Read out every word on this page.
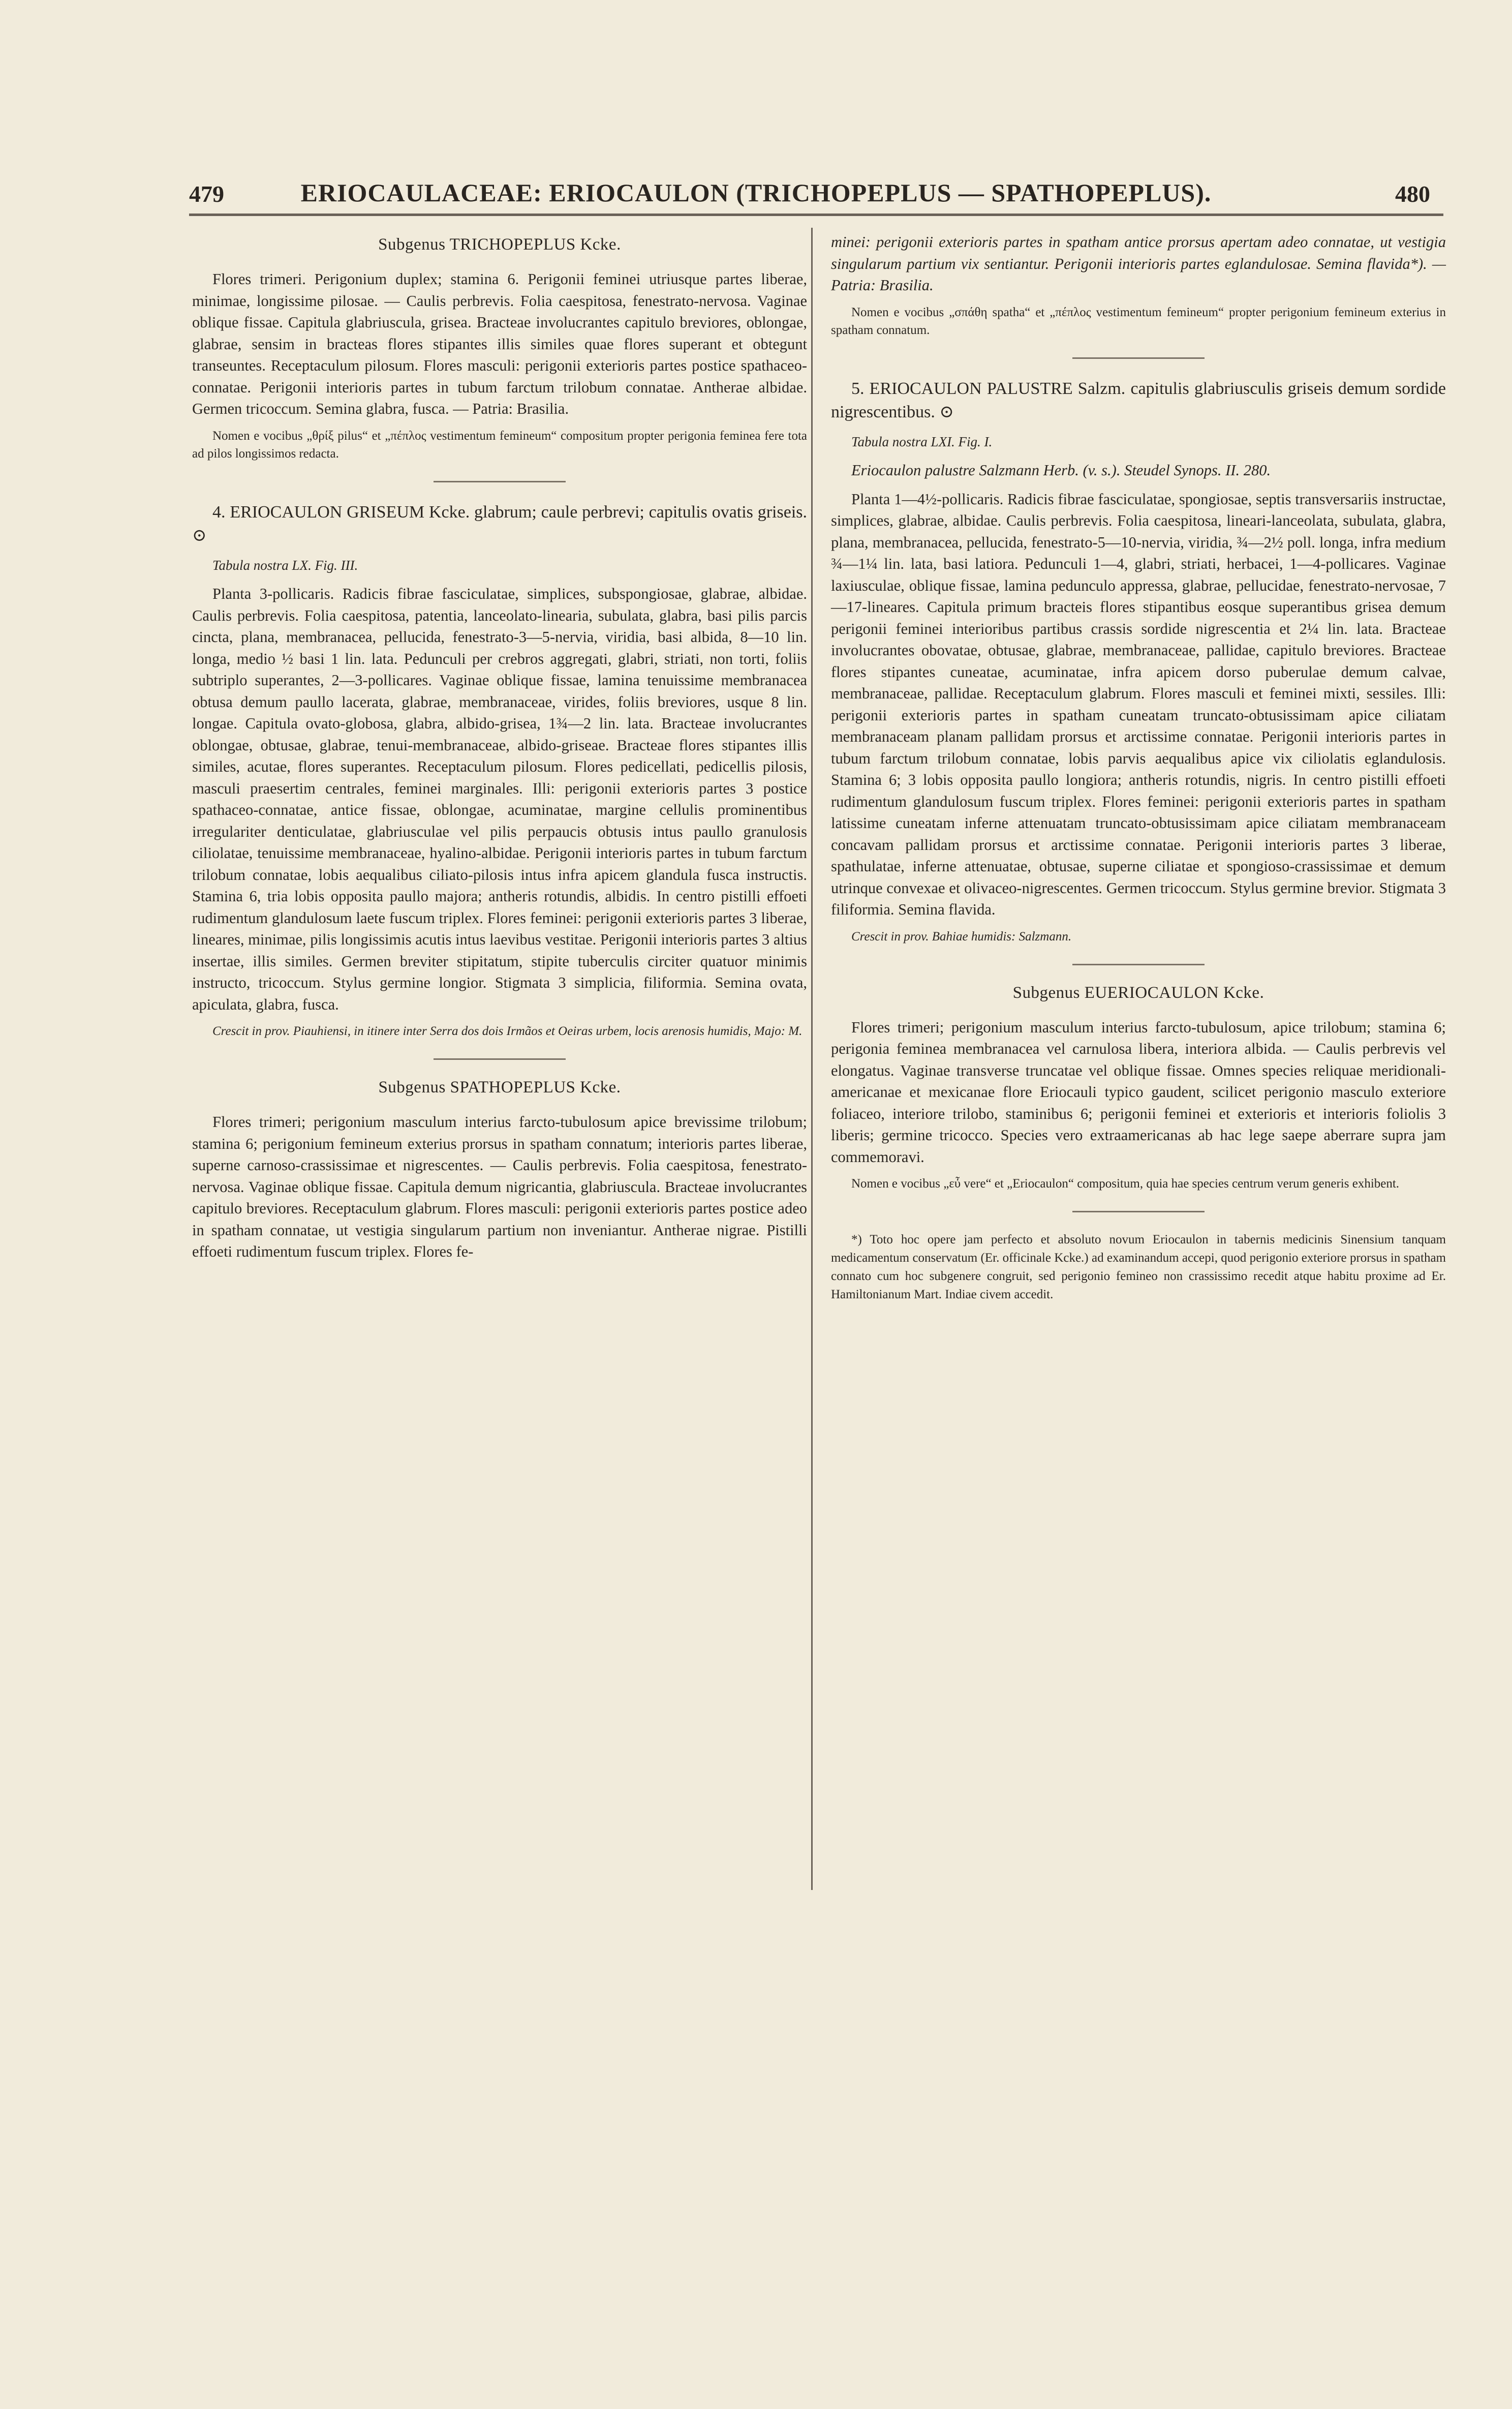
479	ERIOCAULACEAE: ERIOCAULON (TRICHOPEPLUS — SPATHOPEPLUS).	480
Subgenus TRICHOPEPLUS Kcke.

Flores trimeri. Perigonium duplex; stamina 6. Perigonii feminei utriusque partes liberae, minimae, longissime pilosae. — Caulis perbrevis. Folia caespitosa, fenestrato-nervosa. Vaginae oblique fissae. Capitula glabriuscula, grisea. Bracteae involucrantes capitulo breviores, oblongae, glabrae, sensim in bracteas flores stipantes illis similes quae flores superant et obtegunt transeuntes. Receptaculum pilosum. Flores masculi: perigonii exterioris partes postice spathaceo-connatae. Perigonii interioris partes in tubum farctum trilobum connatae. Antherae albidae. Germen tricoccum. Semina glabra, fusca. — Patria: Brasilia.

Nomen e vocibus „θρίξ pilus“ et „πέπλος vestimentum femineum“ compositum propter perigonia feminea fere tota ad pilos longissimos redacta.

4. ERIOCAULON GRISEUM Kcke. glabrum; caule perbrevi; capitulis ovatis griseis. ⊙

Tabula nostra LX. Fig. III.

Planta 3-pollicaris. Radicis fibrae fasciculatae, simplices, subspongiosae, glabrae, albidae. Caulis perbrevis. Folia caespitosa, patentia, lanceolato-linearia, subulata, glabra, basi pilis parcis cincta, plana, membranacea, pellucida, fenestrato-3—5-nervia, viridia, basi albida, 8—10 lin. longa, medio ½ basi 1 lin. lata. Pedunculi per crebros aggregati, glabri, striati, non torti, foliis subtriplo superantes, 2—3-pollicares. Vaginae oblique fissae, lamina tenuissime membranacea obtusa demum paullo lacerata, glabrae, membranaceae, virides, foliis breviores, usque 8 lin. longae. Capitula ovato-globosa, glabra, albido-grisea, 1¾—2 lin. lata. Bracteae involucrantes oblongae, obtusae, glabrae, tenui-membranaceae, albido-griseae. Bracteae flores stipantes illis similes, acutae, flores superantes. Receptaculum pilosum. Flores pedicellati, pedicellis pilosis, masculi praesertim centrales, feminei marginales. Illi: perigonii exterioris partes 3 postice spathaceo-connatae, antice fissae, oblongae, acuminatae, margine cellulis prominentibus irregulariter denticulatae, glabriusculae vel pilis perpaucis obtusis intus paullo granulosis ciliolatae, tenuissime membranaceae, hyalino-albidae. Perigonii interioris partes in tubum farctum trilobum connatae, lobis aequalibus ciliato-pilosis intus infra apicem glandula fusca instructis. Stamina 6, tria lobis opposita paullo majora; antheris rotundis, albidis. In centro pistilli effoeti rudimentum glandulosum laete fuscum triplex. Flores feminei: perigonii exterioris partes 3 liberae, lineares, minimae, pilis longissimis acutis intus laevibus vestitae. Perigonii interioris partes 3 altius insertae, illis similes. Germen breviter stipitatum, stipite tuberculis circiter quatuor minimis instructo, tricoccum. Stylus germine longior. Stigmata 3 simplicia, filiformia. Semina ovata, apiculata, glabra, fusca.

Crescit in prov. Piauhiensi, in itinere inter Serra dos dois Irmãos et Oeiras urbem, locis arenosis humidis, Majo: M.

Subgenus SPATHOPEPLUS Kcke.

Flores trimeri; perigonium masculum interius farcto-tubulosum apice brevissime trilobum; stamina 6; perigonium femineum exterius prorsus in spatham connatum; interioris partes liberae, superne carnoso-crassissimae et nigrescentes. — Caulis perbrevis. Folia caespitosa, fenestrato-nervosa. Vaginae oblique fissae. Capitula demum nigricantia, glabriuscula. Bracteae involucrantes capitulo breviores. Receptaculum glabrum. Flores masculi: perigonii exterioris partes postice adeo in spatham connatae, ut vestigia singularum partium non inveniantur. Antherae nigrae. Pistilli effoeti rudimentum fuscum triplex. Flores fe-

minei: perigonii exterioris partes in spatham antice prorsus apertam adeo connatae, ut vestigia singularum partium vix sentiantur. Perigonii interioris partes eglandulosae. Semina flavida*). — Patria: Brasilia.

Nomen e vocibus „σπάθη spatha“ et „πέπλος vestimentum femineum“ propter perigonium femineum exterius in spatham connatum.

5. ERIOCAULON PALUSTRE Salzm. capitulis glabriusculis griseis demum sordide nigrescentibus. ⊙

Tabula nostra LXI. Fig. I.

Eriocaulon palustre Salzmann Herb. (v. s.). Steudel Synops. II. 280.

Planta 1—4½-pollicaris. Radicis fibrae fasciculatae, spongiosae, septis transversariis instructae, simplices, glabrae, albidae. Caulis perbrevis. Folia caespitosa, lineari-lanceolata, subulata, glabra, plana, membranacea, pellucida, fenestrato-5—10-nervia, viridia, ¾—2½ poll. longa, infra medium ¾—1¼ lin. lata, basi latiora. Pedunculi 1—4, glabri, striati, herbacei, 1—4-pollicares. Vaginae laxiusculae, oblique fissae, lamina pedunculo appressa, glabrae, pellucidae, fenestrato-nervosae, 7—17-lineares. Capitula primum bracteis flores stipantibus eosque superantibus grisea demum perigonii feminei interioribus partibus crassis sordide nigrescentia et 2¼ lin. lata. Bracteae involucrantes obovatae, obtusae, glabrae, membranaceae, pallidae, capitulo breviores. Bracteae flores stipantes cuneatae, acuminatae, infra apicem dorso puberulae demum calvae, membranaceae, pallidae. Receptaculum glabrum. Flores masculi et feminei mixti, sessiles. Illi: perigonii exterioris partes in spatham cuneatam truncato-obtusissimam apice ciliatam membranaceam planam pallidam prorsus et arctissime connatae. Perigonii interioris partes in tubum farctum trilobum connatae, lobis parvis aequalibus apice vix ciliolatis eglandulosis. Stamina 6; 3 lobis opposita paullo longiora; antheris rotundis, nigris. In centro pistilli effoeti rudimentum glandulosum fuscum triplex. Flores feminei: perigonii exterioris partes in spatham latissime cuneatam inferne attenuatam truncato-obtusissimam apice ciliatam membranaceam concavam pallidam prorsus et arctissime connatae. Perigonii interioris partes 3 liberae, spathulatae, inferne attenuatae, obtusae, superne ciliatae et spongioso-crassissimae et demum utrinque convexae et olivaceo-nigrescentes. Germen tricoccum. Stylus germine brevior. Stigmata 3 filiformia. Semina flavida.

Crescit in prov. Bahiae humidis: Salzmann.

Subgenus EUERIOCAULON Kcke.

Flores trimeri; perigonium masculum interius farcto-tubulosum, apice trilobum; stamina 6; perigonia feminea membranacea vel carnulosa libera, interiora albida. — Caulis perbrevis vel elongatus. Vaginae transverse truncatae vel oblique fissae. Omnes species reliquae meridionali-americanae et mexicanae flore Eriocauli typico gaudent, scilicet perigonio masculo exteriore foliaceo, interiore trilobo, staminibus 6; perigonii feminei et exterioris et interioris foliolis 3 liberis; germine tricocco. Species vero extraamericanas ab hac lege saepe aberrare supra jam commemoravi.

Nomen e vocibus „εὖ vere“ et „Eriocaulon“ compositum, quia hae species centrum verum generis exhibent.

*) Toto hoc opere jam perfecto et absoluto novum Eriocaulon in tabernis medicinis Sinensium tanquam medicamentum conservatum (Er. officinale Kcke.) ad examinandum accepi, quod perigonio exteriore prorsus in spatham connato cum hoc subgenere congruit, sed perigonio femineo non crassissimo recedit atque habitu proxime ad Er. Hamiltonianum Mart. Indiae civem accedit.
